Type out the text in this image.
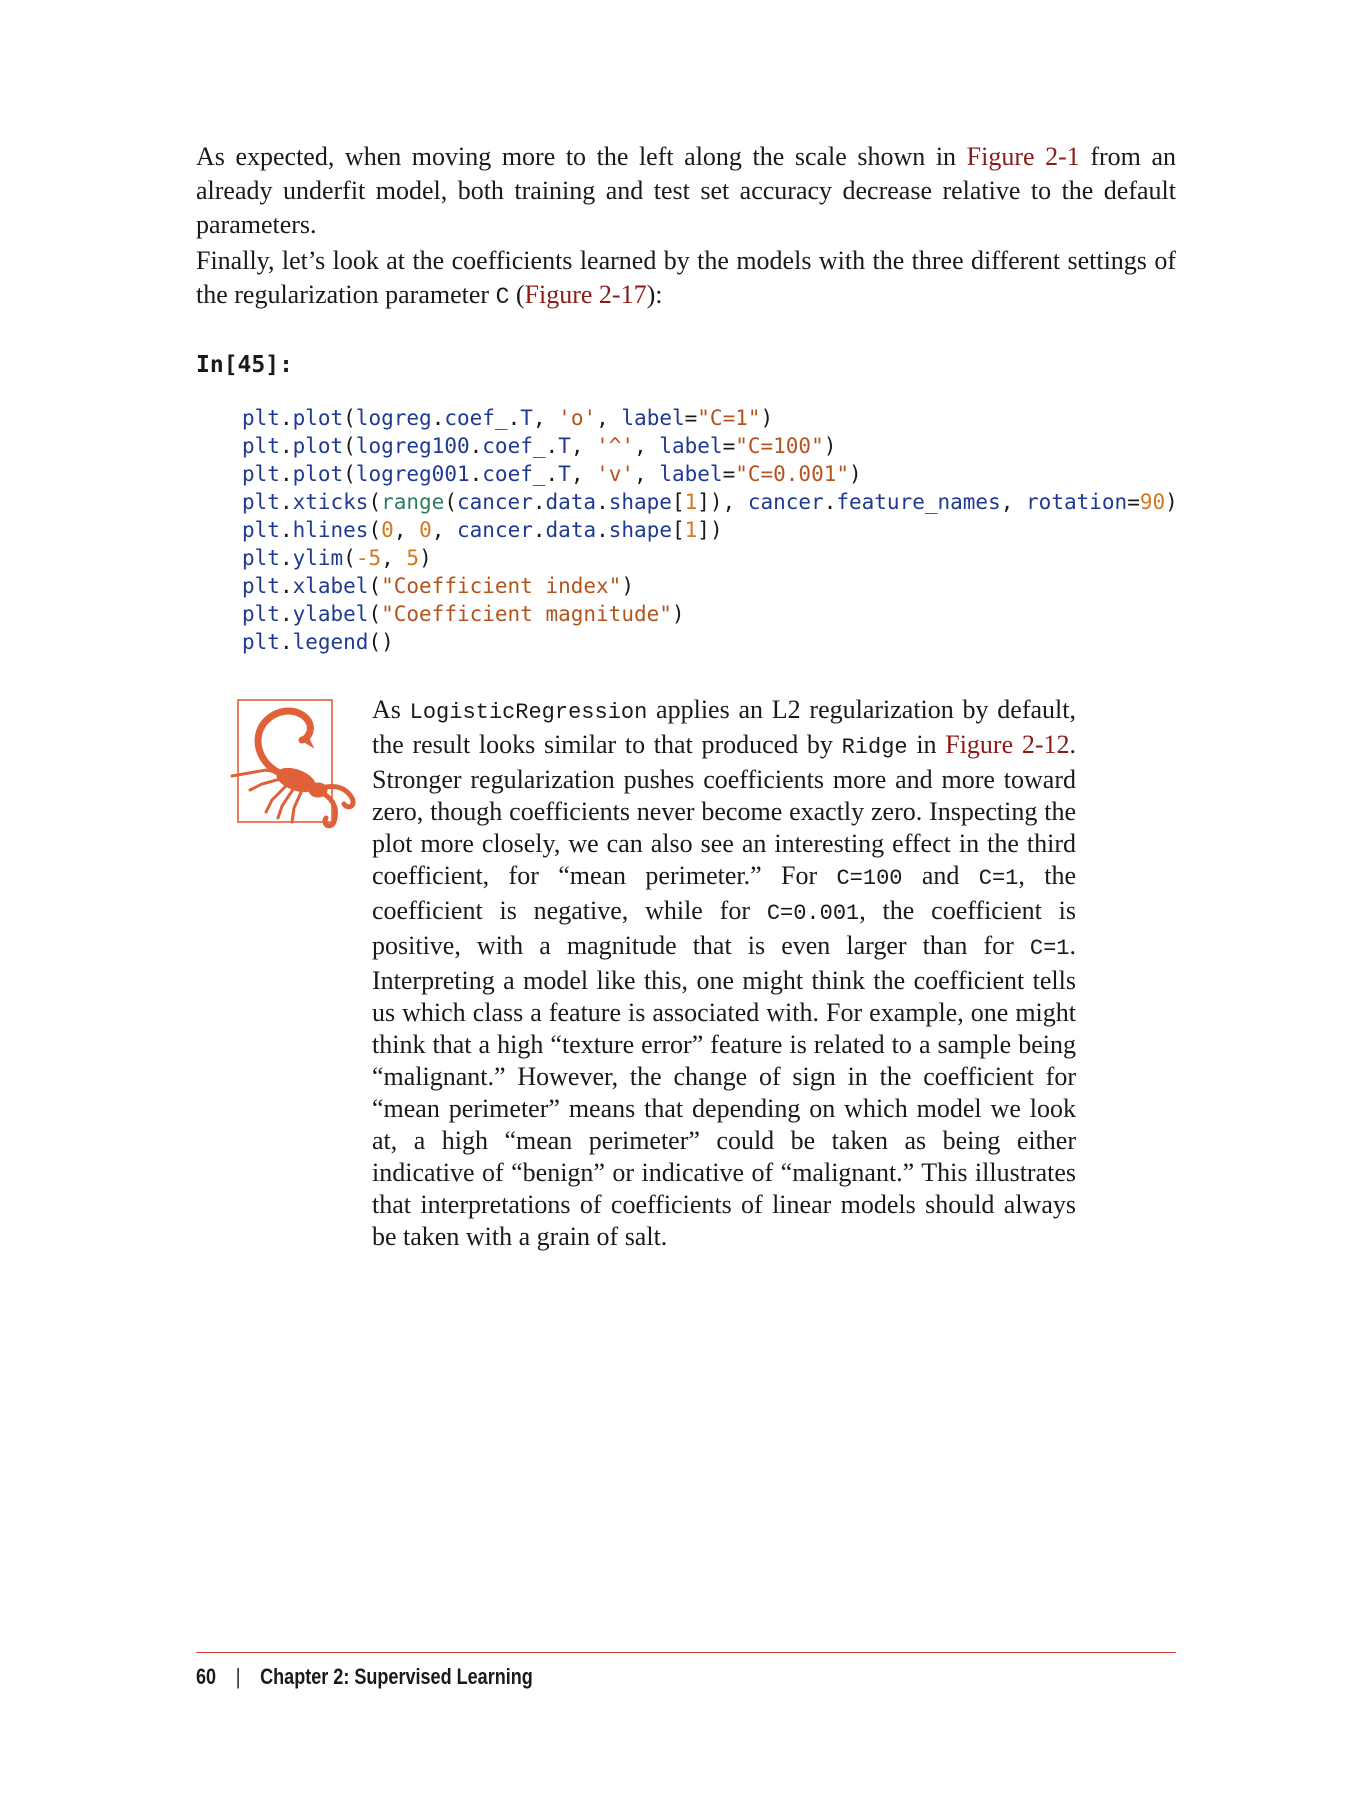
As expected, when moving more to the left along the scale shown in Figure 2-1 from an already underfit model, both training and test set accuracy decrease relative to the default parameters.

Finally, let’s look at the coefficients learned by the models with the three different settings of the regularization parameter C (Figure 2-17):

In[45]:
plt.plot(logreg.coef_.T, 'o', label="C=1")
plt.plot(logreg100.coef_.T, '^', label="C=100")
plt.plot(logreg001.coef_.T, 'v', label="C=0.001")
plt.xticks(range(cancer.data.shape[1]), cancer.feature_names, rotation=90)
plt.hlines(0, 0, cancer.data.shape[1])
plt.ylim(-5, 5)
plt.xlabel("Coefficient index")
plt.ylabel("Coefficient magnitude")
plt.legend()

As LogisticRegression applies an L2 regularization by default, the result looks similar to that produced by Ridge in Figure 2-12. Stronger regularization pushes coefficients more and more toward zero, though coefficients never become exactly zero. Inspecting the plot more closely, we can also see an interesting effect in the third coefficient, for “mean perimeter.” For C=100 and C=1, the coefficient is negative, while for C=0.001, the coefficient is positive, with a magnitude that is even larger than for C=1. Interpreting a model like this, one might think the coefficient tells us which class a feature is associated with. For example, one might think that a high “texture error” feature is related to a sample being “malignant.” However, the change of sign in the coefficient for “mean perimeter” means that depending on which model we look at, a high “mean perimeter” could be taken as being either indicative of “benign” or indicative of “malignant.” This illustrates that interpretations of coefficients of linear models should always be taken with a grain of salt.

60 | Chapter 2: Supervised Learning
